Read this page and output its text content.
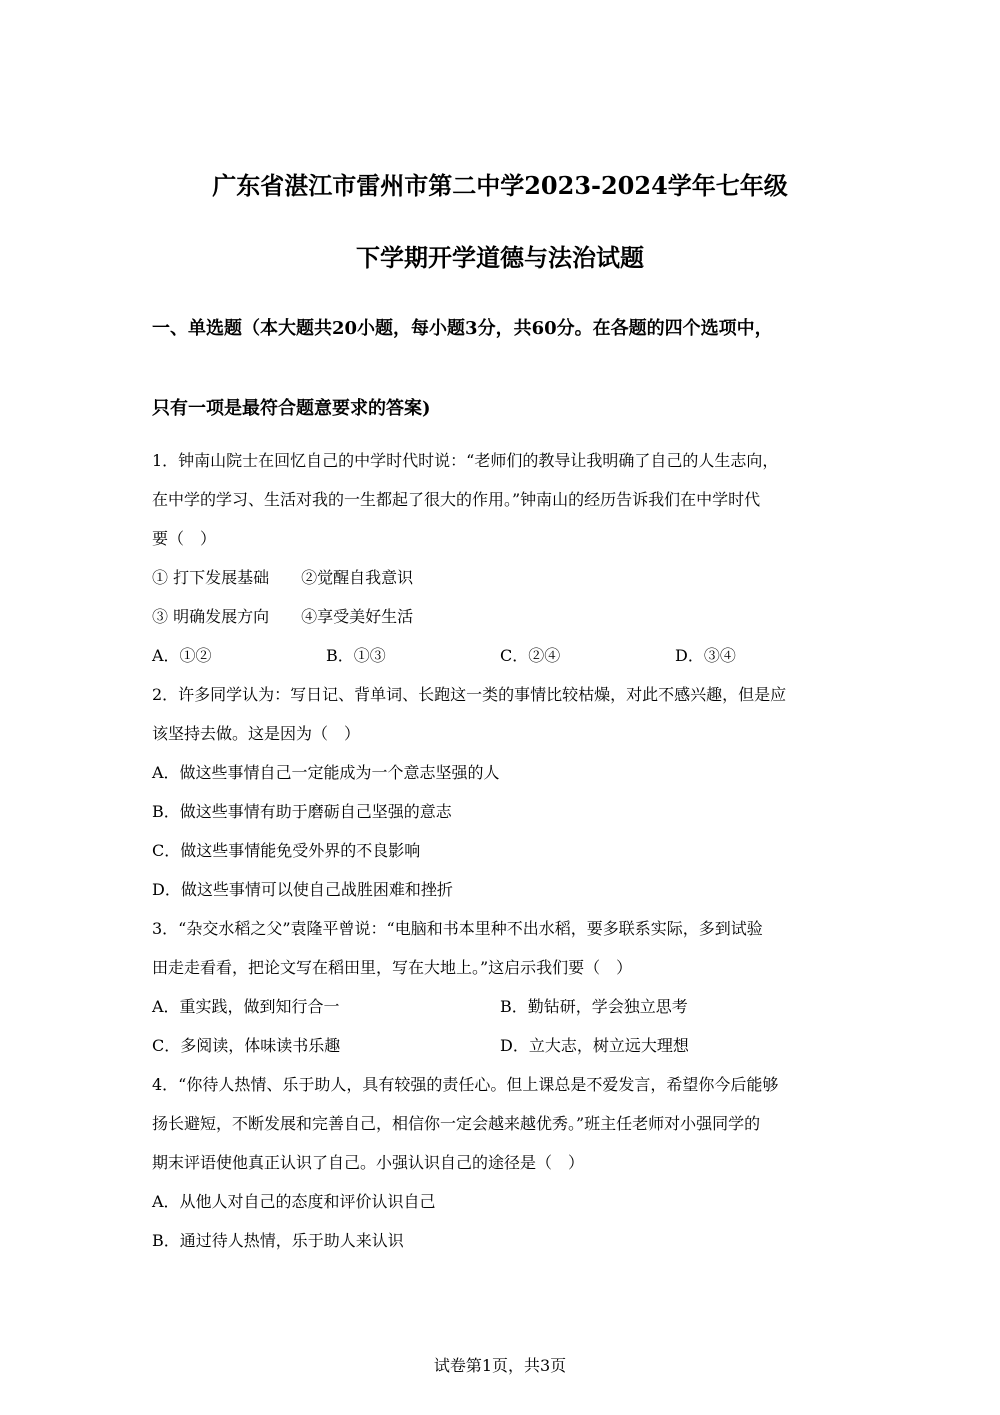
广东省湛江市雷州市第二中学2023-2024学年七年级
下学期开学道德与法治试题
一、单选题（本大题共20小题，每小题3分，共60分。在各题的四个选项中，
只有一项是最符合题意要求的答案)
1．钟南山院士在回忆自己的中学时代时说：“老师们的教导让我明确了自己的人生志向，
在中学的学习、生活对我的一生都起了很大的作用。”钟南山的经历告诉我们在中学时代
要（　）
① 打下发展基础　　②觉醒自我意识
③ 明确发展方向　　④享受美好生活
A．①②	B．①③	C．②④	D．③④
2．许多同学认为：写日记、背单词、长跑这一类的事情比较枯燥，对此不感兴趣，但是应
该坚持去做。这是因为（　）
A．做这些事情自己一定能成为一个意志坚强的人
B．做这些事情有助于磨砺自己坚强的意志
C．做这些事情能免受外界的不良影响
D．做这些事情可以使自己战胜困难和挫折
3．“杂交水稻之父”袁隆平曾说：“电脑和书本里种不出水稻，要多联系实际，多到试验
田走走看看，把论文写在稻田里，写在大地上。”这启示我们要（　）
A．重实践，做到知行合一	B．勤钻研，学会独立思考
C．多阅读，体味读书乐趣	D．立大志，树立远大理想
4．“你待人热情、乐于助人，具有较强的责任心。但上课总是不爱发言，希望你今后能够
扬长避短，不断发展和完善自己，相信你一定会越来越优秀。”班主任老师对小强同学的
期末评语使他真正认识了自己。小强认识自己的途径是（　）
A．从他人对自己的态度和评价认识自己
B．通过待人热情，乐于助人来认识
试卷第1页，共3页
